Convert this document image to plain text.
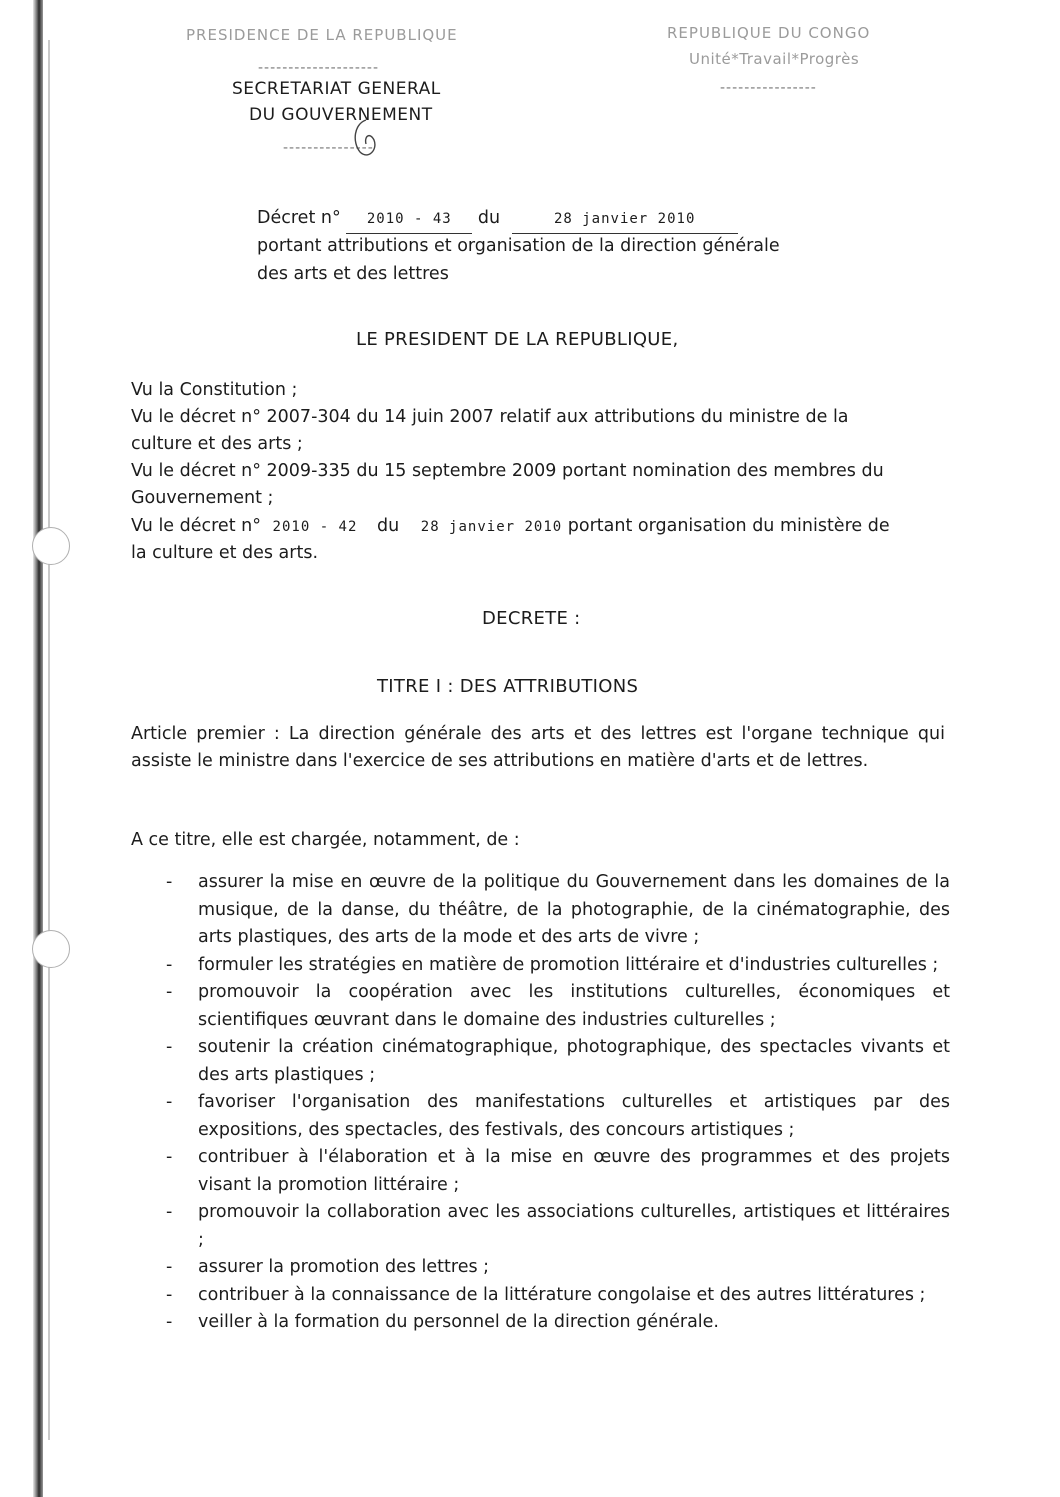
PRESIDENCE DE LA REPUBLIQUE
--------------------
SECRETARIAT GENERAL
DU GOUVERNEMENT
---------------
REPUBLIQUE DU CONGO
Unité*Travail*Progrès
----------------
Décret n° 2010 - 43 du	28 janvier 2010
portant attributions et organisation de la direction générale
des arts et des lettres
LE PRESIDENT DE LA REPUBLIQUE,
Vu la Constitution ;
Vu le décret n° 2007-304 du 14 juin 2007 relatif aux attributions du ministre de la
culture et des arts ;
Vu le décret n° 2009-335 du 15 septembre 2009 portant nomination des membres du
Gouvernement ;
Vu le décret n° 2010 - 42 du 28 janvier 2010 portant organisation du ministère de
la culture et des arts.
DECRETE :
TITRE I : DES ATTRIBUTIONS
Article premier : La direction générale des arts et des lettres est l'organe technique qui assiste le ministre dans l'exercice de ses attributions en matière d'arts et de lettres.
A ce titre, elle est chargée, notamment, de :
- assurer la mise en œuvre de la politique du Gouvernement dans les domaines de la musique, de la danse, du théâtre, de la photographie, de la cinématographie, des arts plastiques, des arts de la mode et des arts de vivre ;
- formuler les stratégies en matière de promotion littéraire et d'industries culturelles ;
- promouvoir la coopération avec les institutions culturelles, économiques et scientifiques œuvrant dans le domaine des industries culturelles ;
- soutenir la création cinématographique, photographique, des spectacles vivants et des arts plastiques ;
- favoriser l'organisation des manifestations culturelles et artistiques par des expositions, des spectacles, des festivals, des concours artistiques ;
- contribuer à l'élaboration et à la mise en œuvre des programmes et des projets visant la promotion littéraire ;
- promouvoir la collaboration avec les associations culturelles, artistiques et littéraires ;
- assurer la promotion des lettres ;
- contribuer à la connaissance de la littérature congolaise et des autres littératures ;
- veiller à la formation du personnel de la direction générale.
